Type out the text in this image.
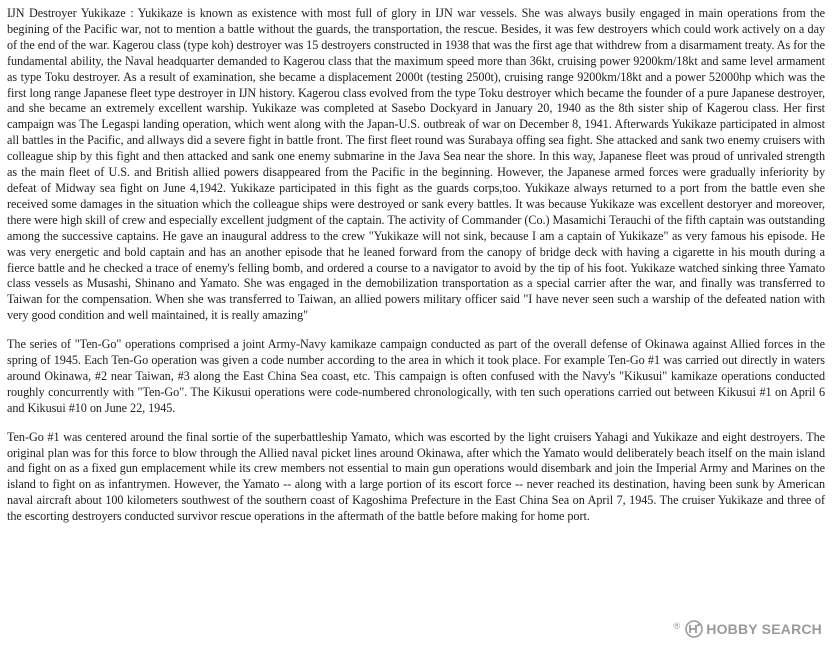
IJN Destroyer Yukikaze : Yukikaze is known as existence with most full of glory in IJN war vessels. She was always busily engaged in main operations from the begining of the Pacific war, not to mention a battle without the guards, the transportation, the rescue. Besides, it was few destroyers which could work actively on a day of the end of the war. Kagerou class (type koh) destroyer was 15 destroyers constructed in 1938 that was the first age that withdrew from a disarmament treaty. As for the fundamental ability, the Naval headquarter demanded to Kagerou class that the maximum speed more than 36kt, cruising power 9200km/18kt and same level armament as type Toku destroyer. As a result of examination, she became a displacement 2000t (testing 2500t), cruising range 9200km/18kt and a power 52000hp which was the first long range Japanese fleet type destroyer in IJN history. Kagerou class evolved from the type Toku destroyer which became the founder of a pure Japanese destroyer, and she became an extremely excellent warship. Yukikaze was completed at Sasebo Dockyard in January 20, 1940 as the 8th sister ship of Kagerou class. Her first campaign was The Legaspi landing operation, which went along with the Japan-U.S. outbreak of war on December 8, 1941. Afterwards Yukikaze participated in almost all battles in the Pacific, and allways did a severe fight in battle front. The first fleet round was Surabaya offing sea fight. She attacked and sank two enemy cruisers with colleague ship by this fight and then attacked and sank one enemy submarine in the Java Sea near the shore. In this way, Japanese fleet was proud of unrivaled strength as the main fleet of U.S. and British allied powers disappeared from the Pacific in the beginning. However, the Japanese armed forces were gradually inferiority by defeat of Midway sea fight on June 4,1942. Yukikaze participated in this fight as the guards corps,too. Yukikaze always returned to a port from the battle even she received some damages in the situation which the colleague ships were destroyed or sank every battles. It was because Yukikaze was excellent destoryer and moreover, there were high skill of crew and especially excellent judgment of the captain. The activity of Commander (Co.) Masamichi Terauchi of the fifth captain was outstanding among the successive captains. He gave an inaugural address to the crew "Yukikaze will not sink, because I am a captain of Yukikaze" as very famous his episode. He was very energetic and bold captain and has an another episode that he leaned forward from the canopy of bridge deck with having a cigarette in his mouth during a fierce battle and he checked a trace of enemy's felling bomb, and ordered a course to a navigator to avoid by the tip of his foot. Yukikaze watched sinking three Yamato class vessels as Musashi, Shinano and Yamato. She was engaged in the demobilization transportation as a special carrier after the war, and finally was transferred to Taiwan for the compensation. When she was transferred to Taiwan, an allied powers military officer said "I have never seen such a warship of the defeated nation with very good condition and well maintained, it is really amazing"

The series of "Ten-Go" operations comprised a joint Army-Navy kamikaze campaign conducted as part of the overall defense of Okinawa against Allied forces in the spring of 1945. Each Ten-Go operation was given a code number according to the area in which it took place. For example Ten-Go #1 was carried out directly in waters around Okinawa, #2 near Taiwan, #3 along the East China Sea coast, etc. This campaign is often confused with the Navy's "Kikusui" kamikaze operations conducted roughly concurrently with "Ten-Go". The Kikusui operations were code-numbered chronologically, with ten such operations carried out between Kikusui #1 on April 6 and Kikusui #10 on June 22, 1945.

Ten-Go #1 was centered around the final sortie of the superbattleship Yamato, which was escorted by the light cruisers Yahagi and Yukikaze and eight destroyers. The original plan was for this force to blow through the Allied naval picket lines around Okinawa, after which the Yamato would deliberately beach itself on the main island and fight on as a fixed gun emplacement while its crew members not essential to main gun operations would disembark and join the Imperial Army and Marines on the island to fight on as infantrymen. However, the Yamato -- along with a large portion of its escort force -- never reached its destination, having been sunk by American naval aircraft about 100 kilometers southwest of the southern coast of Kagoshima Prefecture in the East China Sea on April 7, 1945. The cruiser Yukikaze and three of the escorting destroyers conducted survivor rescue operations in the aftermath of the battle before making for home port.

® HOBBY SEARCH
